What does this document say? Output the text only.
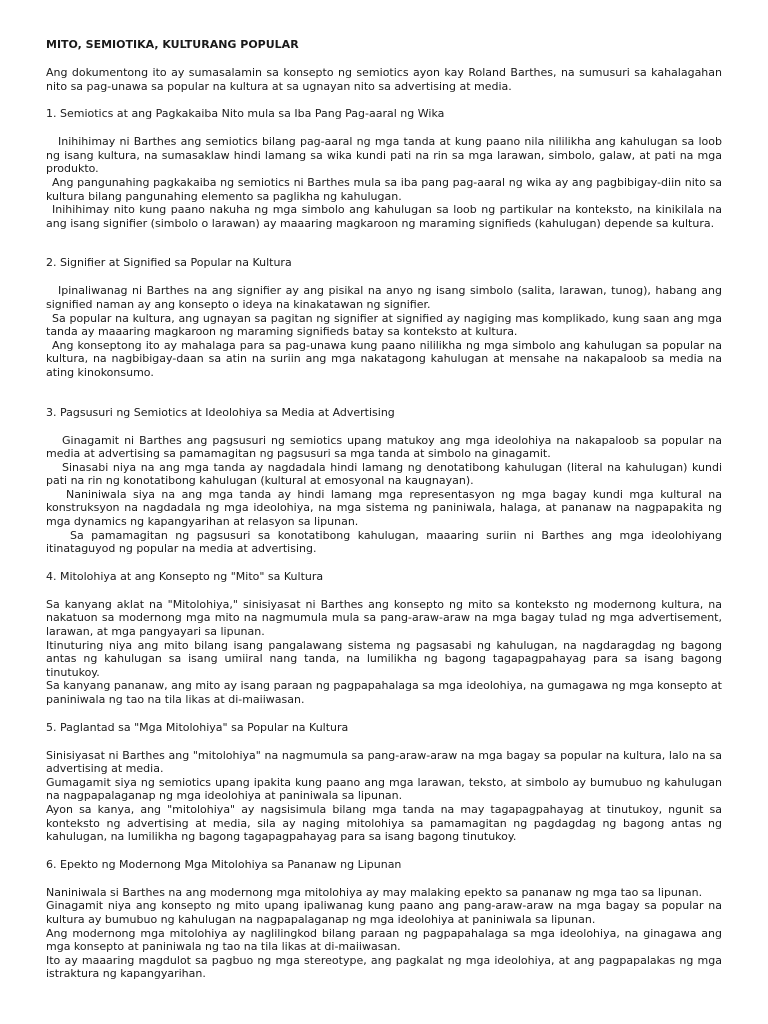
MITO, SEMIOTIKA, KULTURANG POPULAR

Ang dokumentong ito ay sumasalamin sa konsepto ng semiotics ayon kay Roland Barthes, na sumusuri sa kahalagahan nito sa pag-unawa sa popular na kultura at sa ugnayan nito sa advertising at media.

1. Semiotics at ang Pagkakaiba Nito mula sa Iba Pang Pag-aaral ng Wika

Inihihimay ni Barthes ang semiotics bilang pag-aaral ng mga tanda at kung paano nila nililikha ang kahulugan sa loob ng isang kultura, na sumasaklaw hindi lamang sa wika kundi pati na rin sa mga larawan, simbolo, galaw, at pati na mga produkto.

Ang pangunahing pagkakaiba ng semiotics ni Barthes mula sa iba pang pag-aaral ng wika ay ang pagbibigay-diin nito sa kultura bilang pangunahing elemento sa paglikha ng kahulugan.

Inihihimay nito kung paano nakuha ng mga simbolo ang kahulugan sa loob ng partikular na konteksto, na kinikilala na ang isang signifier (simbolo o larawan) ay maaaring magkaroon ng maraming signifieds (kahulugan) depende sa kultura.

2. Signifier at Signified sa Popular na Kultura

Ipinaliwanag ni Barthes na ang signifier ay ang pisikal na anyo ng isang simbolo (salita, larawan, tunog), habang ang signified naman ay ang konsepto o ideya na kinakatawan ng signifier.

Sa popular na kultura, ang ugnayan sa pagitan ng signifier at signified ay nagiging mas komplikado, kung saan ang mga tanda ay maaaring magkaroon ng maraming signifieds batay sa konteksto at kultura.

Ang konseptong ito ay mahalaga para sa pag-unawa kung paano nililikha ng mga simbolo ang kahulugan sa popular na kultura, na nagbibigay-daan sa atin na suriin ang mga nakatagong kahulugan at mensahe na nakapaloob sa media na ating kinokonsumo.

3. Pagsusuri ng Semiotics at Ideolohiya sa Media at Advertising

Ginagamit ni Barthes ang pagsusuri ng semiotics upang matukoy ang mga ideolohiya na nakapaloob sa popular na media at advertising sa pamamagitan ng pagsusuri sa mga tanda at simbolo na ginagamit.

Sinasabi niya na ang mga tanda ay nagdadala hindi lamang ng denotatibong kahulugan (literal na kahulugan) kundi pati na rin ng konotatibong kahulugan (kultural at emosyonal na kaugnayan).

Naniniwala siya na ang mga tanda ay hindi lamang mga representasyon ng mga bagay kundi mga kultural na konstruksyon na nagdadala ng mga ideolohiya, na mga sistema ng paniniwala, halaga, at pananaw na nagpapakita ng mga dynamics ng kapangyarihan at relasyon sa lipunan.

Sa pamamagitan ng pagsusuri sa konotatibong kahulugan, maaaring suriin ni Barthes ang mga ideolohiyang itinataguyod ng popular na media at advertising.

4. Mitolohiya at ang Konsepto ng "Mito" sa Kultura

Sa kanyang aklat na "Mitolohiya," sinisiyasat ni Barthes ang konsepto ng mito sa konteksto ng modernong kultura, na nakatuon sa modernong mga mito na nagmumula mula sa pang-araw-araw na mga bagay tulad ng mga advertisement, larawan, at mga pangyayari sa lipunan.

Itinuturing niya ang mito bilang isang pangalawang sistema ng pagsasabi ng kahulugan, na nagdaragdag ng bagong antas ng kahulugan sa isang umiiral nang tanda, na lumilikha ng bagong tagapagpahayag para sa isang bagong tinutukoy.

Sa kanyang pananaw, ang mito ay isang paraan ng pagpapahalaga sa mga ideolohiya, na gumagawa ng mga konsepto at paniniwala ng tao na tila likas at di-maiiwasan.

5. Paglantad sa "Mga Mitolohiya" sa Popular na Kultura

Sinisiyasat ni Barthes ang "mitolohiya" na nagmumula sa pang-araw-araw na mga bagay sa popular na kultura, lalo na sa advertising at media.

Gumagamit siya ng semiotics upang ipakita kung paano ang mga larawan, teksto, at simbolo ay bumubuo ng kahulugan na nagpapalaganap ng mga ideolohiya at paniniwala sa lipunan.

Ayon sa kanya, ang "mitolohiya" ay nagsisimula bilang mga tanda na may tagapagpahayag at tinutukoy, ngunit sa konteksto ng advertising at media, sila ay naging mitolohiya sa pamamagitan ng pagdagdag ng bagong antas ng kahulugan, na lumilikha ng bagong tagapagpahayag para sa isang bagong tinutukoy.

6. Epekto ng Modernong Mga Mitolohiya sa Pananaw ng Lipunan

Naniniwala si Barthes na ang modernong mga mitolohiya ay may malaking epekto sa pananaw ng mga tao sa lipunan.

Ginagamit niya ang konsepto ng mito upang ipaliwanag kung paano ang pang-araw-araw na mga bagay sa popular na kultura ay bumubuo ng kahulugan na nagpapalaganap ng mga ideolohiya at paniniwala sa lipunan.

Ang modernong mga mitolohiya ay naglilingkod bilang paraan ng pagpapahalaga sa mga ideolohiya, na ginagawa ang mga konsepto at paniniwala ng tao na tila likas at di-maiiwasan.

Ito ay maaaring magdulot sa pagbuo ng mga stereotype, ang pagkalat ng mga ideolohiya, at ang pagpapalakas ng mga istraktura ng kapangyarihan.
